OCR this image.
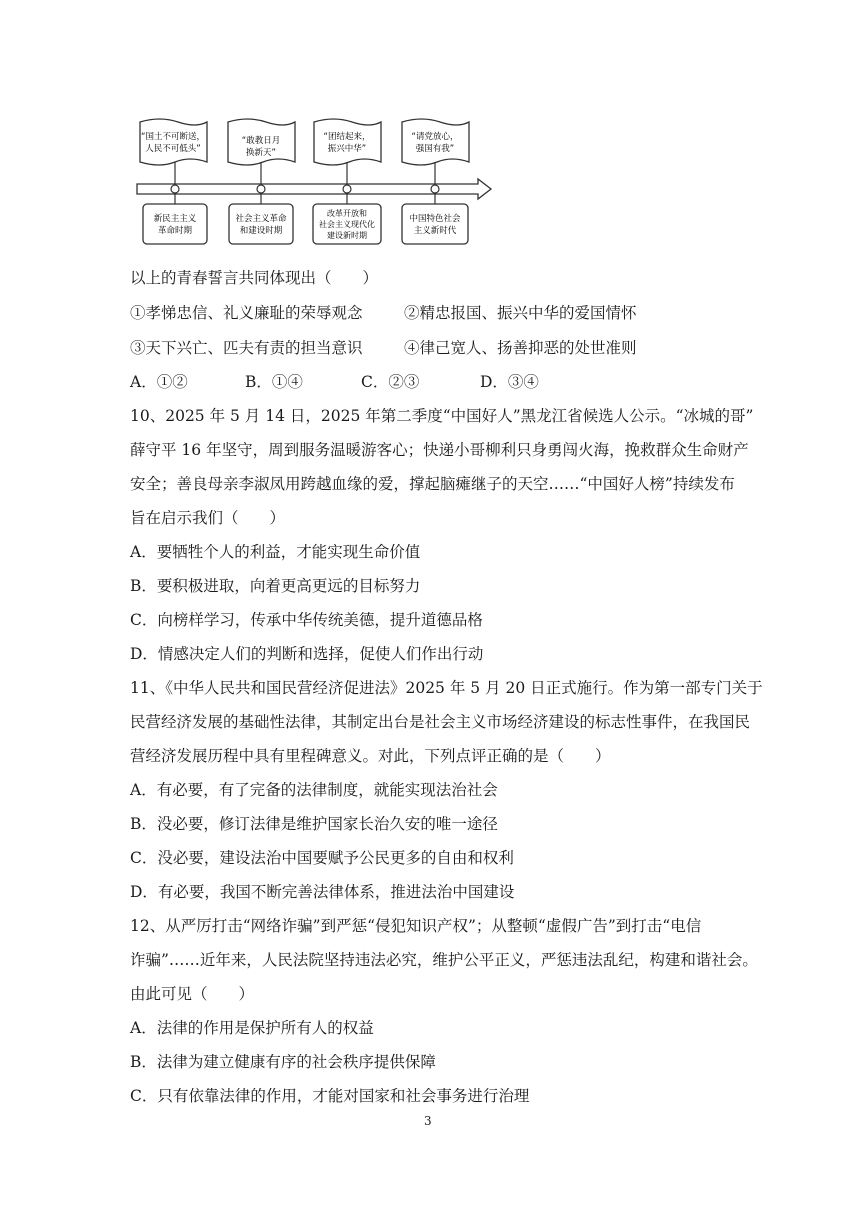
“国土不可断送，
人民不可低头”
“敢教日月
换新天”
“团结起来，
振兴中华”
“请党放心，
强国有我”
新民主主义
革命时期
社会主义革命
和建设时期
改革开放和
社会主义现代化
建设新时期
中国特色社会
主义新时代
以上的青春誓言共同体现出（　　）
①孝悌忠信、礼义廉耻的荣辱观念	②精忠报国、振兴中华的爱国情怀
③天下兴亡、匹夫有责的担当意识	④律己宽人、扬善抑恶的处世准则
A．①②	B．①④	C．②③	D．③④
10、2025 年 5 月 14 日，2025 年第二季度“中国好人”黑龙江省候选人公示。“冰城的哥”
薛守平 16 年坚守，周到服务温暖游客心；快递小哥柳利只身勇闯火海，挽救群众生命财产
安全；善良母亲李淑凤用跨越血缘的爱，撑起脑瘫继子的天空……“中国好人榜”持续发布
旨在启示我们（　　）
A．要牺牲个人的利益，才能实现生命价值
B．要积极进取，向着更高更远的目标努力
C．向榜样学习，传承中华传统美德，提升道德品格
D．情感决定人们的判断和选择，促使人们作出行动
11、《中华人民共和国民营经济促进法》2025 年 5 月 20 日正式施行。作为第一部专门关于
民营经济发展的基础性法律，其制定出台是社会主义市场经济建设的标志性事件，在我国民
营经济发展历程中具有里程碑意义。对此，下列点评正确的是（　　）
A．有必要，有了完备的法律制度，就能实现法治社会
B．没必要，修订法律是维护国家长治久安的唯一途径
C．没必要，建设法治中国要赋予公民更多的自由和权利
D．有必要，我国不断完善法律体系，推进法治中国建设
12、从严厉打击“网络诈骗”到严惩“侵犯知识产权”；从整顿“虚假广告”到打击“电信
诈骗”……近年来，人民法院坚持违法必究，维护公平正义，严惩违法乱纪，构建和谐社会。
由此可见（　　）
A．法律的作用是保护所有人的权益
B．法律为建立健康有序的社会秩序提供保障
C．只有依靠法律的作用，才能对国家和社会事务进行治理
3
